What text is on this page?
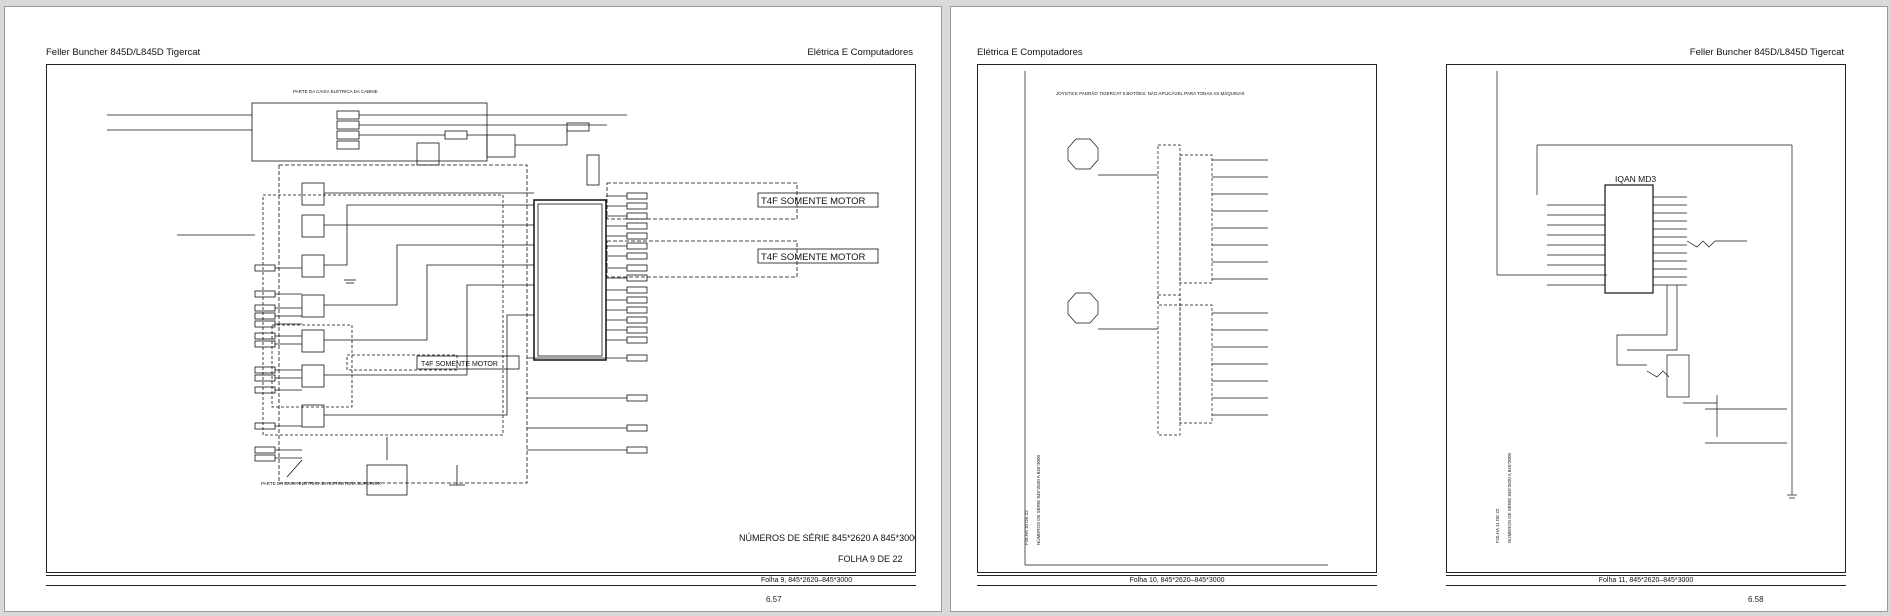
Feller Buncher 845D/L845D Tigercat	Elétrica E Computadores
PARTE DA CAIXA ELÉTRICA DA CABINE
PARTE DA CAIXA ELÉTRICA DA ESTRUTURA SUPERIOR
T4F SOMENTE MOTOR
T4F SOMENTE MOTOR
T4F SOMENTE MOTOR
NÚMEROS DE SÉRIE 845*2620 A 845*3000
FOLHA 9 DE 22
Folha 9, 845*2620–845*3000
6.57
Elétrica E Computadores	Feller Buncher 845D/L845D Tigercat
JOYSTICK PADRÃO TIGERCAT 6 BOTÕES: NÃO APLICÁVEL PARA TODAS AS MÁQUINAS
NÚMEROS DE SÉRIE 845*2620 A 845*3000
FOLHA 10 DE 22
Folha 10, 845*2620–845*3000
IQAN MD3
NÚMEROS DE SÉRIE 845*2620 A 845*3000
FOLHA 11 DE 22
Folha 11, 845*2620–845*3000
6.58
